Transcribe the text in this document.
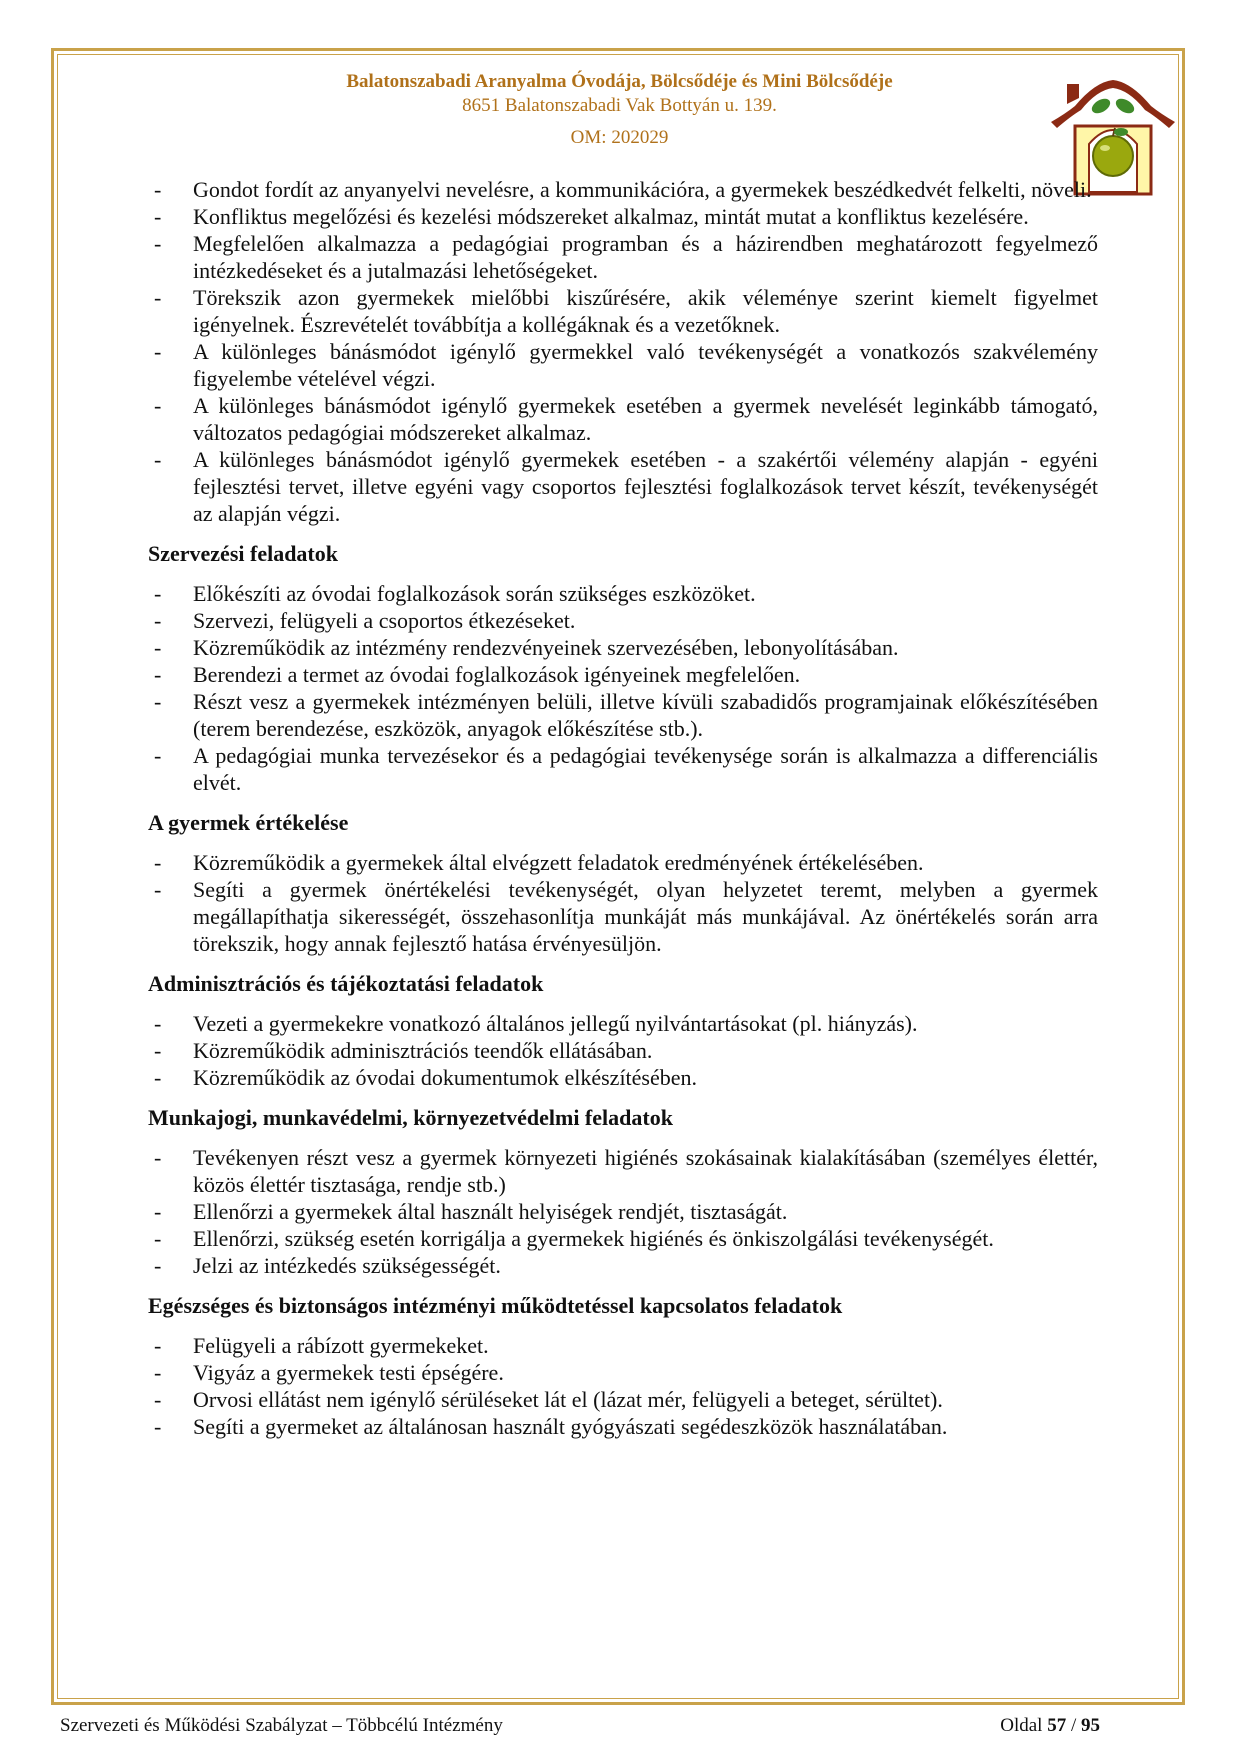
Balatonszabadi Aranyalma Óvodája, Bölcsődéje és Mini Bölcsődéje
8651 Balatonszabadi Vak Bottyán u. 139.
OM: 202029
- Gondot fordít az anyanyelvi nevelésre, a kommunikációra, a gyermekek beszédkedvét felkelti, növeli.
- Konfliktus megelőzési és kezelési módszereket alkalmaz, mintát mutat a konfliktus kezelésére.
- Megfelelően alkalmazza a pedagógiai programban és a házirendben meghatározott fegyelmező intézkedéseket és a jutalmazási lehetőségeket.
- Törekszik azon gyermekek mielőbbi kiszűrésére, akik véleménye szerint kiemelt figyelmet igényelnek. Észrevételét továbbítja a kollégáknak és a vezetőknek.
- A különleges bánásmódot igénylő gyermekkel való tevékenységét a vonatkozós szakvélemény figyelembe vételével végzi.
- A különleges bánásmódot igénylő gyermekek esetében a gyermek nevelését leginkább támogató, változatos pedagógiai módszereket alkalmaz.
- A különleges bánásmódot igénylő gyermekek esetében - a szakértői vélemény alapján - egyéni fejlesztési tervet, illetve egyéni vagy csoportos fejlesztési foglalkozások tervet készít, tevékenységét az alapján végzi.
Szervezési feladatok
- Előkészíti az óvodai foglalkozások során szükséges eszközöket.
- Szervezi, felügyeli a csoportos étkezéseket.
- Közreműködik az intézmény rendezvényeinek szervezésében, lebonyolításában.
- Berendezi a termet az óvodai foglalkozások igényeinek megfelelően.
- Részt vesz a gyermekek intézményen belüli, illetve kívüli szabadidős programjainak előkészítésében (terem berendezése, eszközök, anyagok előkészítése stb.).
- A pedagógiai munka tervezésekor és a pedagógiai tevékenysége során is alkalmazza a differenciális elvét.
A gyermek értékelése
- Közreműködik a gyermekek által elvégzett feladatok eredményének értékelésében.
- Segíti a gyermek önértékelési tevékenységét, olyan helyzetet teremt, melyben a gyermek megállapíthatja sikerességét, összehasonlítja munkáját más munkájával. Az önértékelés során arra törekszik, hogy annak fejlesztő hatása érvényesüljön.
Adminisztrációs és tájékoztatási feladatok
- Vezeti a gyermekekre vonatkozó általános jellegű nyilvántartásokat (pl. hiányzás).
- Közreműködik adminisztrációs teendők ellátásában.
- Közreműködik az óvodai dokumentumok elkészítésében.
Munkajogi, munkavédelmi, környezetvédelmi feladatok
- Tevékenyen részt vesz a gyermek környezeti higiénés szokásainak kialakításában (személyes élettér, közös élettér tisztasága, rendje stb.)
- Ellenőrzi a gyermekek által használt helyiségek rendjét, tisztaságát.
- Ellenőrzi, szükség esetén korrigálja a gyermekek higiénés és önkiszolgálási tevékenységét.
- Jelzi az intézkedés szükségességét.
Egészséges és biztonságos intézményi működtetéssel kapcsolatos feladatok
- Felügyeli a rábízott gyermekeket.
- Vigyáz a gyermekek testi épségére.
- Orvosi ellátást nem igénylő sérüléseket lát el (lázat mér, felügyeli a beteget, sérültet).
- Segíti a gyermeket az általánosan használt gyógyászati segédeszközök használatában.
Szervezeti és Működési Szabályzat – Többcélú Intézmény	Oldal 57 / 95
